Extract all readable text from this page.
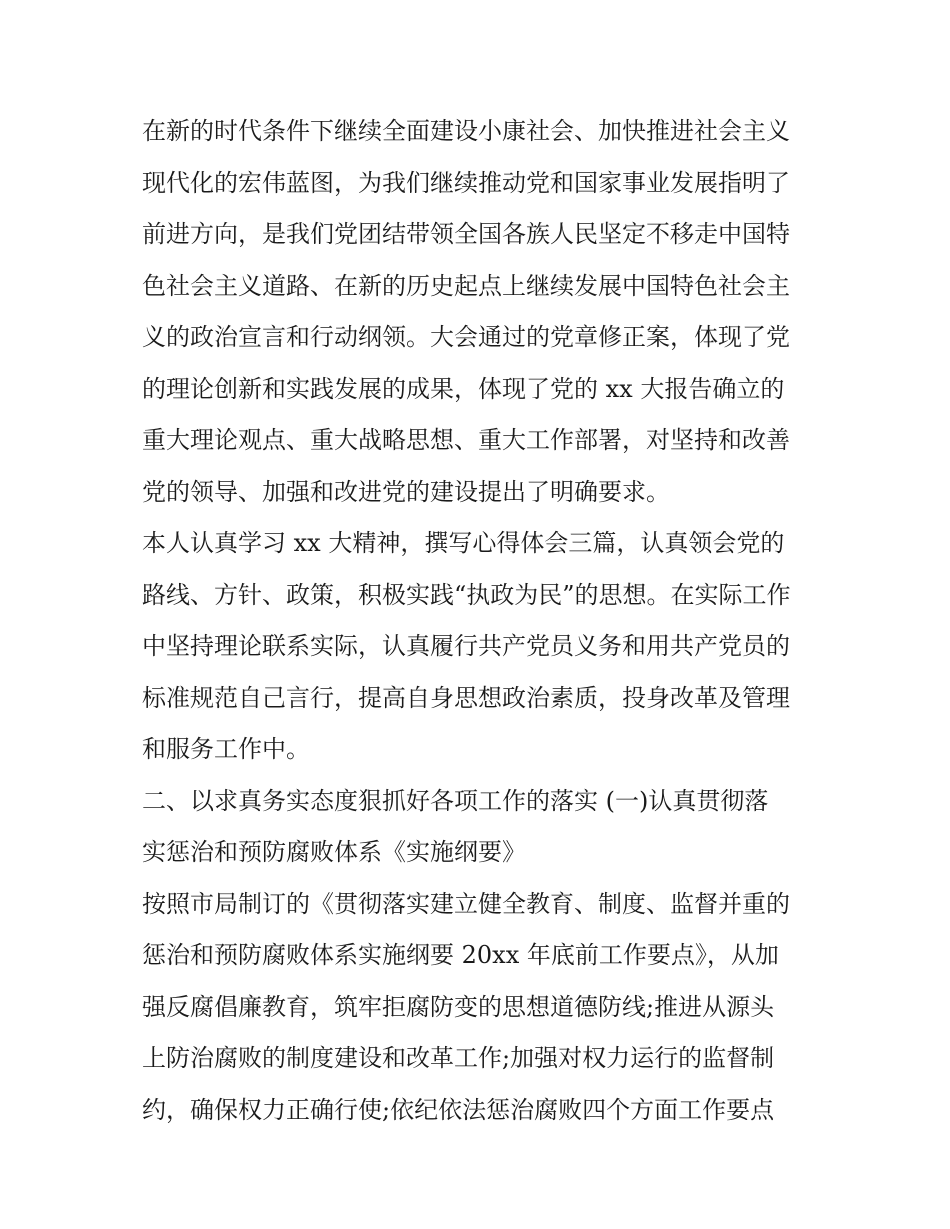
在新的时代条件下继续全面建设小康社会、加快推进社会主义
现代化的宏伟蓝图，为我们继续推动党和国家事业发展指明了
前进方向，是我们党团结带领全国各族人民坚定不移走中国特
色社会主义道路、在新的历史起点上继续发展中国特色社会主
义的政治宣言和行动纲领。大会通过的党章修正案，体现了党
的理论创新和实践发展的成果，体现了党的 xx 大报告确立的
重大理论观点、重大战略思想、重大工作部署，对坚持和改善
党的领导、加强和改进党的建设提出了明确要求。
本人认真学习 xx 大精神，撰写心得体会三篇，认真领会党的
路线、方针、政策，积极实践“执政为民”的思想。在实际工作
中坚持理论联系实际，认真履行共产党员义务和用共产党员的
标准规范自己言行，提高自身思想政治素质，投身改革及管理
和服务工作中。
二、以求真务实态度狠抓好各项工作的落实 (一)认真贯彻落
实惩治和预防腐败体系《实施纲要》
按照市局制订的《贯彻落实建立健全教育、制度、监督并重的
惩治和预防腐败体系实施纲要 20xx 年底前工作要点》，从加
强反腐倡廉教育，筑牢拒腐防变的思想道德防线;推进从源头
上防治腐败的制度建设和改革工作;加强对权力运行的监督制
约，确保权力正确行使;依纪依法惩治腐败四个方面工作要点
